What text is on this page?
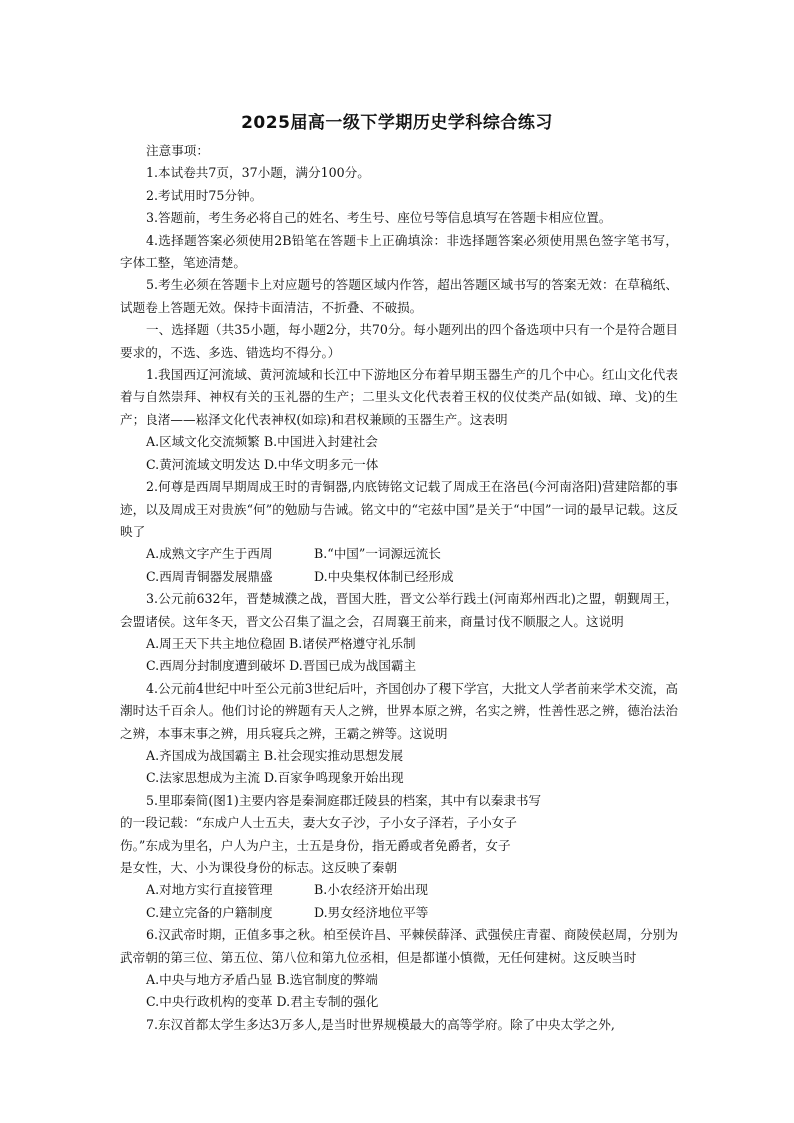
2025届高一级下学期历史学科综合练习

注意事项：

1.本试卷共7页，37小题，满分100分。

2.考试用时75分钟。

3.答题前，考生务必将自己的姓名、考生号、座位号等信息填写在答题卡相应位置。

4.选择题答案必须使用2B铅笔在答题卡上正确填涂：非选择题答案必须使用黑色签字笔书写，字体工整，笔迹清楚。

5.考生必须在答题卡上对应题号的答题区域内作答，超出答题区域书写的答案无效：在草稿纸、试题卷上答题无效。保持卡面清洁，不折叠、不破损。

一、选择题（共35小题，每小题2分，共70分。每小题列出的四个备选项中只有一个是符合题目要求的，不选、多选、错选均不得分。）

1.我国西辽河流域、黄河流域和长江中下游地区分布着早期玉器生产的几个中心。红山文化代表着与自然崇拜、神权有关的玉礼器的生产；二里头文化代表着王权的仪仗类产品(如钺、璋、戈)的生产；良渚——崧泽文化代表神权(如琮)和君权兼顾的玉器生产。这表明

A.区域文化交流频繁 B.中国进入封建社会

C.黄河流域文明发达 D.中华文明多元一体

2.何尊是西周早期周成王时的青铜器,内底铸铭文记载了周成王在洛邑(今河南洛阳)营建陪都的事迹，以及周成王对贵族“何”的勉励与告诫。铭文中的“宅兹中国”是关于“中国”一词的最早记载。这反映了

A.成熟文字产生于西周	B.“中国”一词源远流长

C.西周青铜器发展鼎盛	D.中央集权体制已经形成

3.公元前632年，晋楚城濮之战，晋国大胜，晋文公举行践土(河南郑州西北)之盟，朝觐周王，会盟诸侯。这年冬天，晋文公召集了温之会，召周襄王前来，商量讨伐不顺服之人。这说明

A.周王天下共主地位稳固 B.诸侯严格遵守礼乐制

C.西周分封制度遭到破坏 D.晋国已成为战国霸主

4.公元前4世纪中叶至公元前3世纪后叶，齐国创办了稷下学宫，大批文人学者前来学术交流，高潮时达千百余人。他们讨论的辨题有天人之辨，世界本原之辨，名实之辨，性善性恶之辨，德治法治之辨，本事末事之辨，用兵寝兵之辨，王霸之辨等。这说明

A.齐国成为战国霸主 B.社会现实推动思想发展

C.法家思想成为主流 D.百家争鸣现象开始出现

5.里耶秦简(图1)主要内容是秦洞庭郡迁陵县的档案，其中有以秦隶书写

的一段记载：“东成户人士五夫，妻大女子沙，子小女子泽若，子小女子

伤。”东成为里名，户人为户主，士五是身份，指无爵或者免爵者，女子

是女性，大、小为课役身份的标志。这反映了秦朝

A.对地方实行直接管理	B.小农经济开始出现

C.建立完备的户籍制度	D.男女经济地位平等

6.汉武帝时期，正值多事之秋。柏至侯许昌、平棘侯薛泽、武强侯庄青翟、商陵侯赵周，分别为武帝朝的第三位、第五位、第八位和第九位丞相，但是都谨小慎微，无任何建树。这反映当时

A.中央与地方矛盾凸显 B.选官制度的弊端

C.中央行政机构的变革 D.君主专制的强化

7.东汉首都太学生多达3万多人,是当时世界规模最大的高等学府。除了中央太学之外,
